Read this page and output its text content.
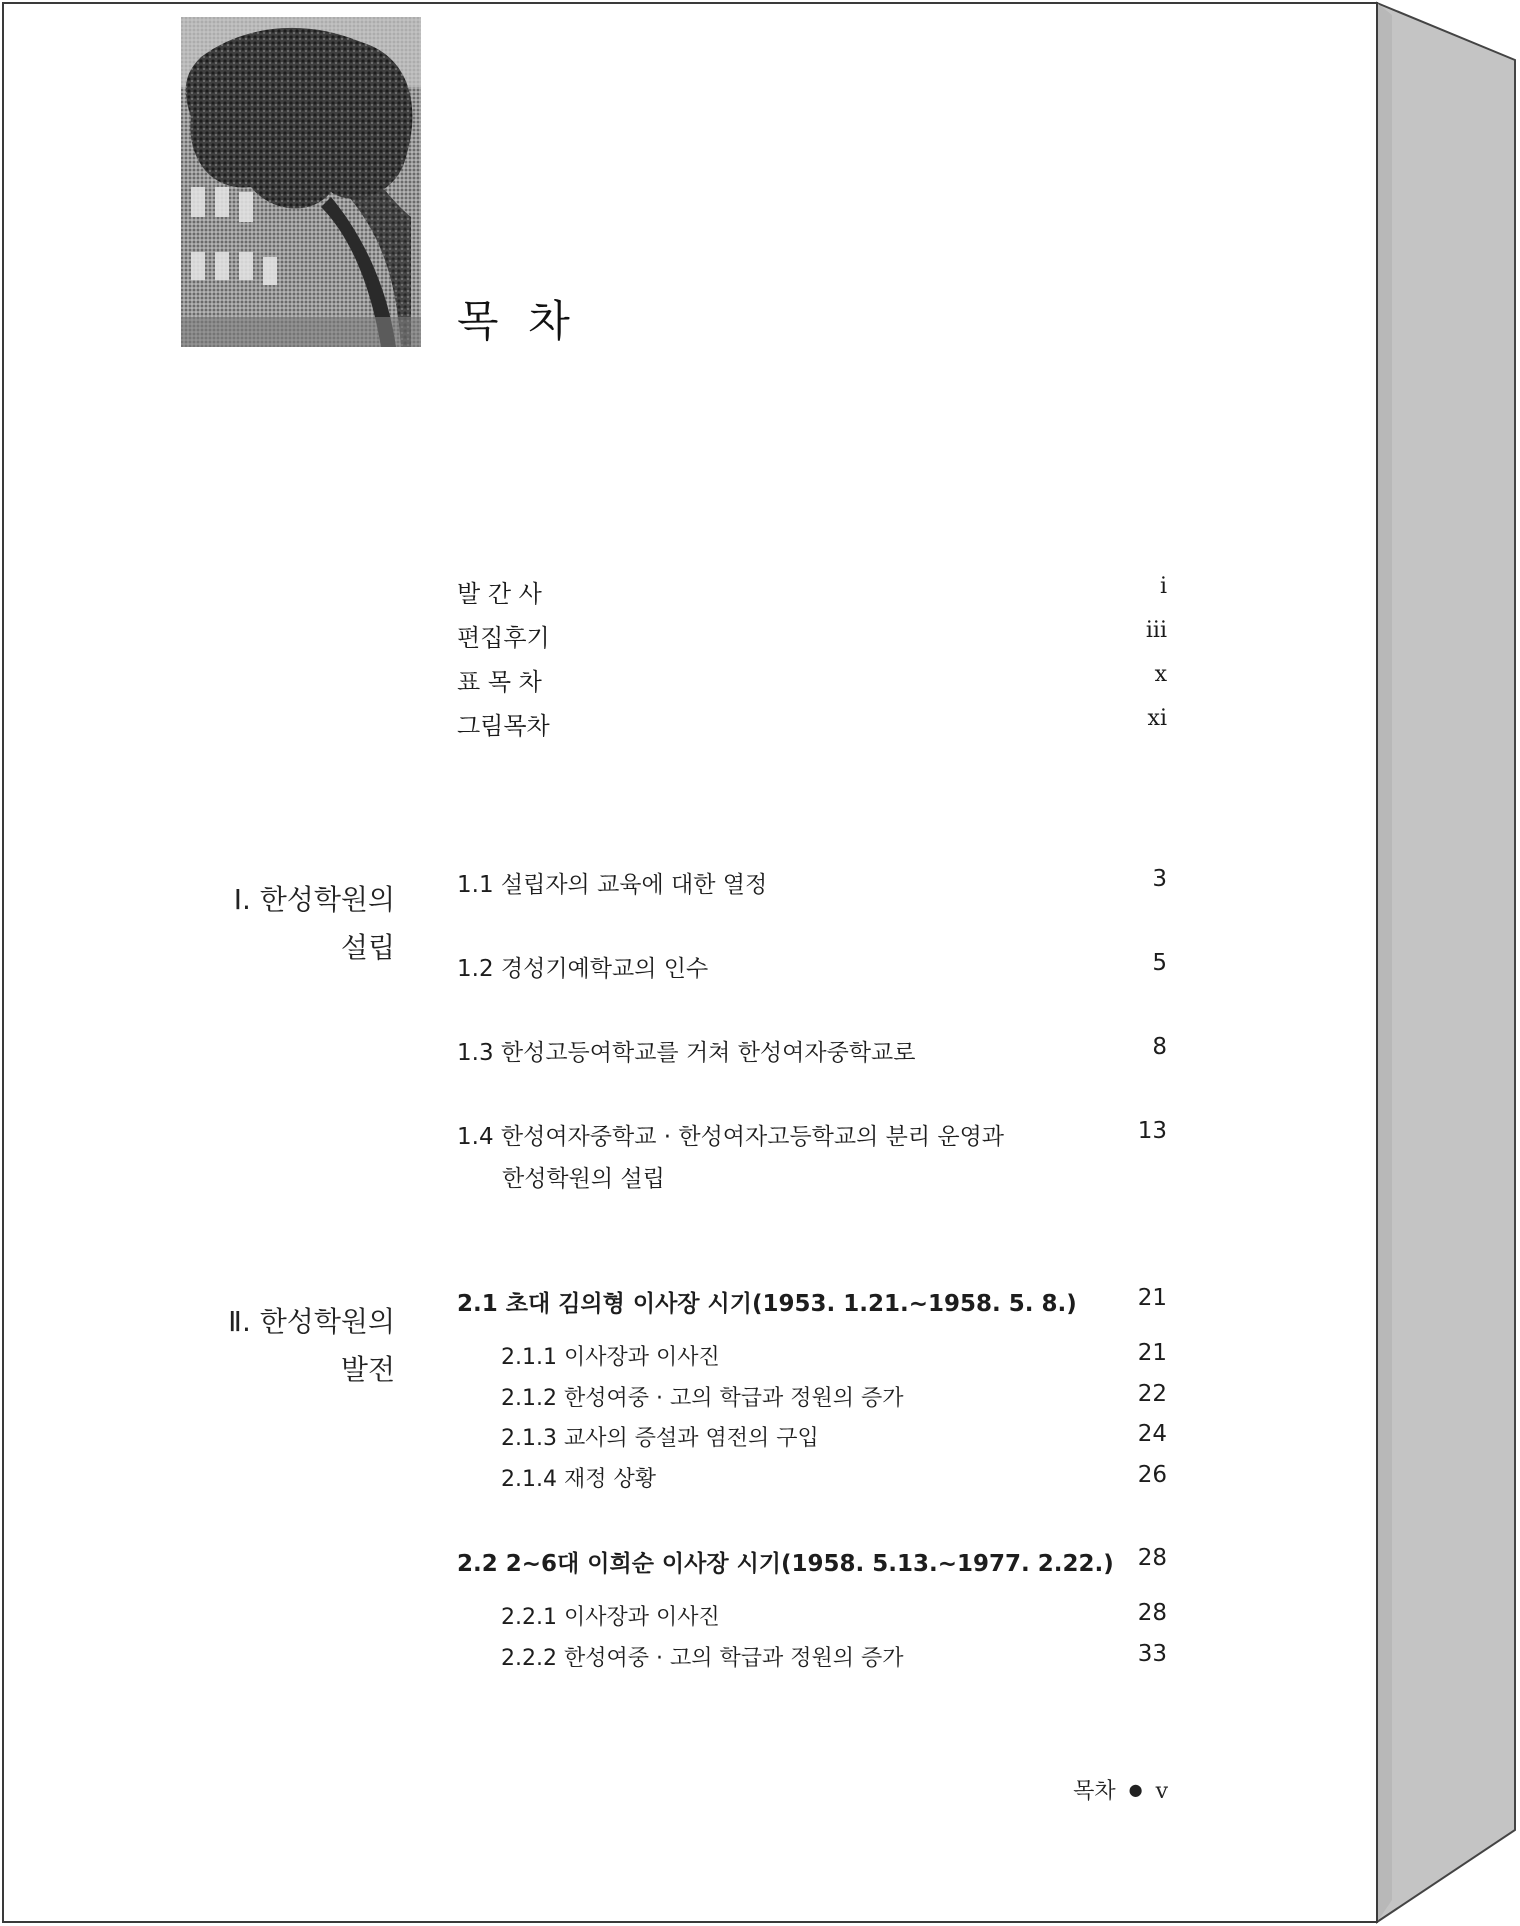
목 차
발 간 사	i
편집후기	iii
표 목 차	x
그림목차	xi
Ⅰ. 한성학원의
설립
1.1 설립자의 교육에 대한 열정	3
1.2 경성기예학교의 인수	5
1.3 한성고등여학교를 거쳐 한성여자중학교로	8
1.4 한성여자중학교 · 한성여자고등학교의 분리 운영과	13
한성학원의 설립
Ⅱ. 한성학원의
발전
2.1 초대 김의형 이사장 시기(1953. 1.21.~1958. 5. 8.)	21
2.1.1 이사장과 이사진	21
2.1.2 한성여중 · 고의 학급과 정원의 증가	22
2.1.3 교사의 증설과 염전의 구입	24
2.1.4 재정 상황	26
2.2 2~6대 이희순 이사장 시기(1958. 5.13.~1977. 2.22.) 28
2.2.1 이사장과 이사진	28
2.2.2 한성여중 · 고의 학급과 정원의 증가	33
목차 ● v
